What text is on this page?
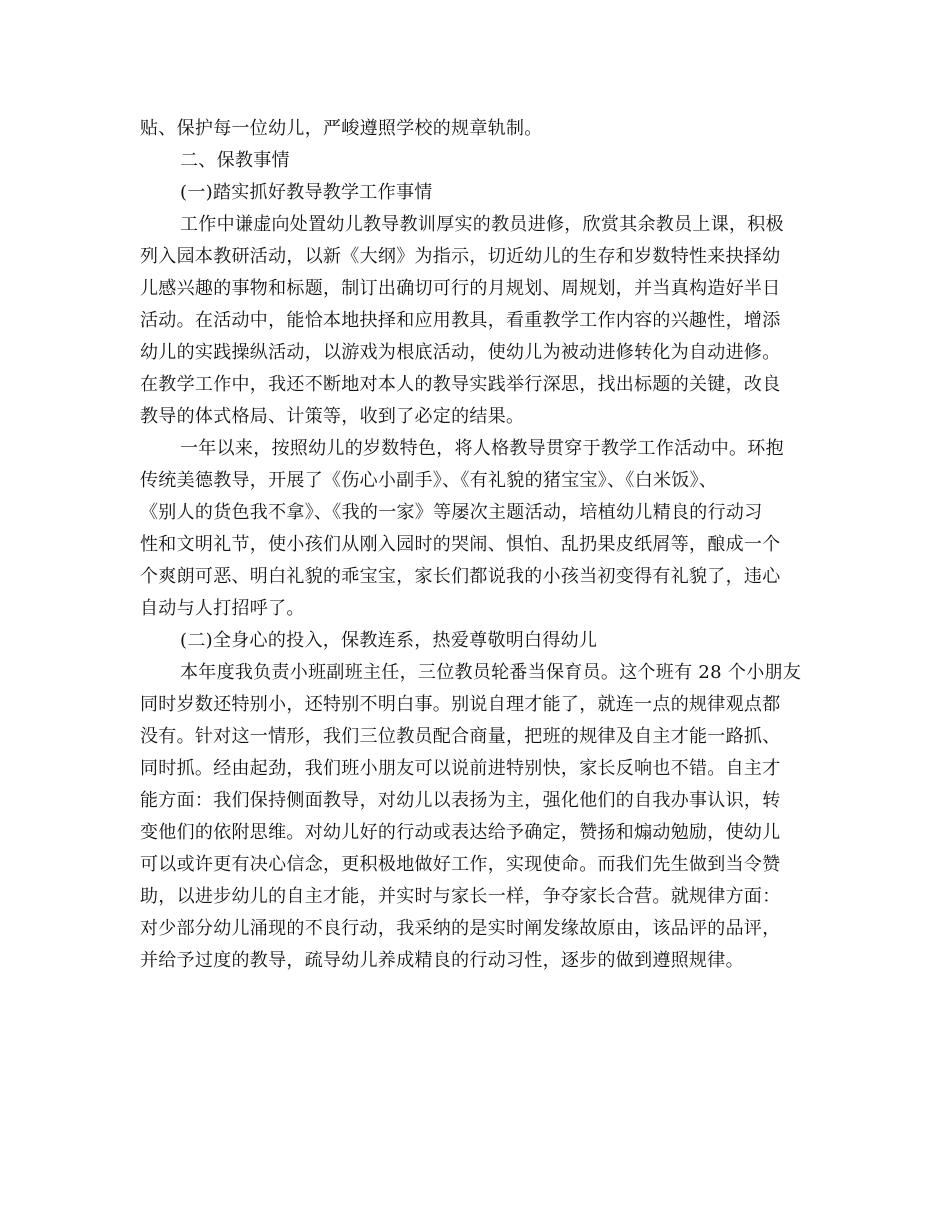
贴、保护每一位幼儿，严峻遵照学校的规章轨制。

二、保教事情

(一)踏实抓好教导教学工作事情

工作中谦虚向处置幼儿教导教训厚实的教员进修，欣赏其余教员上课，积极

列入园本教研活动，以新《大纲》为指示，切近幼儿的生存和岁数特性来抉择幼

儿感兴趣的事物和标题，制订出确切可行的月规划、周规划，并当真构造好半日

活动。在活动中，能恰本地抉择和应用教具，看重教学工作内容的兴趣性，增添

幼儿的实践操纵活动，以游戏为根底活动，使幼儿为被动进修转化为自动进修。

在教学工作中，我还不断地对本人的教导实践举行深思，找出标题的关键，改良

教导的体式格局、计策等，收到了必定的结果。

一年以来，按照幼儿的岁数特色，将人格教导贯穿于教学工作活动中。环抱

传统美德教导，开展了《伤心小副手》、《有礼貌的猪宝宝》、《白米饭》、

《别人的货色我不拿》、《我的一家》等屡次主题活动，培植幼儿精良的行动习

性和文明礼节，使小孩们从刚入园时的哭闹、惧怕、乱扔果皮纸屑等，酿成一个

个爽朗可恶、明白礼貌的乖宝宝，家长们都说我的小孩当初变得有礼貌了，违心

自动与人打招呼了。

(二)全身心的投入，保教连系，热爱尊敬明白得幼儿

本年度我负责小班副班主任，三位教员轮番当保育员。这个班有 28 个小朋友

同时岁数还特别小，还特别不明白事。别说自理才能了，就连一点的规律观点都

没有。针对这一情形，我们三位教员配合商量，把班的规律及自主才能一路抓、

同时抓。经由起劲，我们班小朋友可以说前进特别快，家长反响也不错。自主才

能方面：我们保持侧面教导，对幼儿以表扬为主，强化他们的自我办事认识，转

变他们的依附思维。对幼儿好的行动或表达给予确定，赞扬和煽动勉励，使幼儿

可以或许更有决心信念，更积极地做好工作，实现使命。而我们先生做到当令赞

助，以进步幼儿的自主才能，并实时与家长一样，争夺家长合营。就规律方面：

对少部分幼儿涌现的不良行动，我采纳的是实时阐发缘故原由，该品评的品评，

并给予过度的教导，疏导幼儿养成精良的行动习性，逐步的做到遵照规律。
